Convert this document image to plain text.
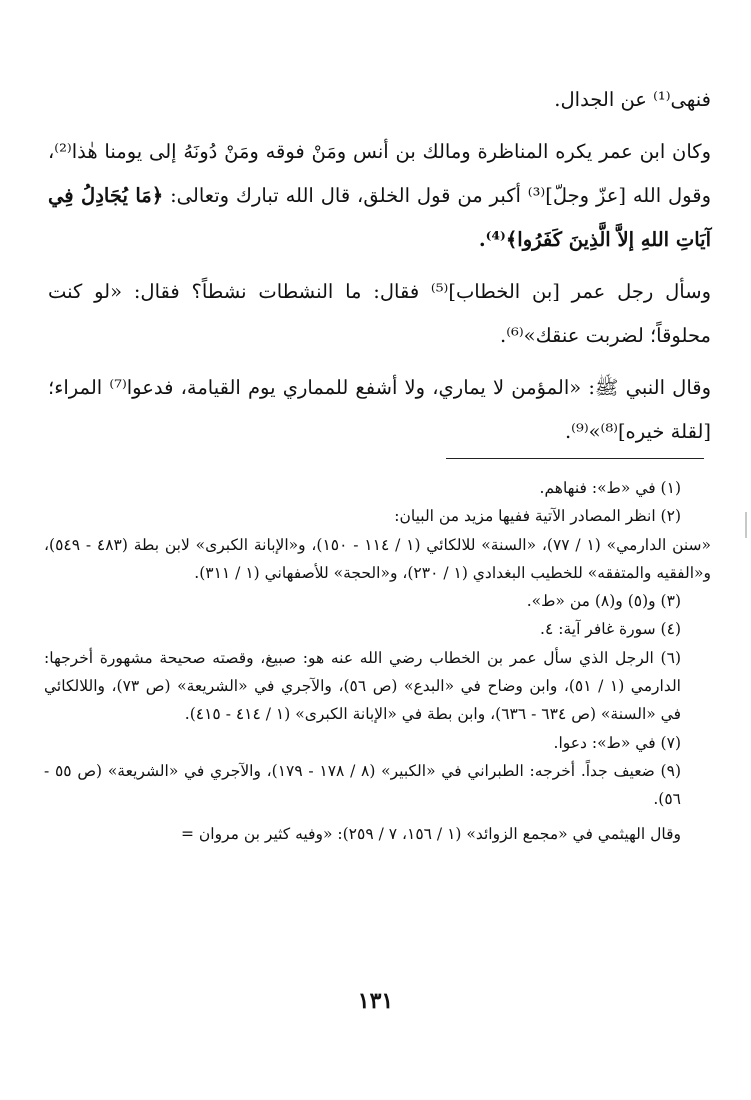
فنهى⁽¹⁾ عن الجدال.

وكان ابن عمر يكره المناظرة ومالك بن أنس ومَنْ فوقه ومَنْ دُونَهُ إلى يومنا هٰذا⁽²⁾، وقول الله [عزّ وجلّ]⁽³⁾ أكبر من قول الخلق، قال الله تبارك وتعالى: ﴿مَا يُجَادِلُ فِي آيَاتِ اللهِ إلاَّ الَّذِينَ كَفَرُوا﴾⁽⁴⁾.

وسأل رجل عمر [بن الخطاب]⁽⁵⁾ فقال: ما النشطات نشطاً؟ فقال: «لو كنت محلوقاً؛ لضربت عنقك»⁽⁶⁾.

وقال النبي ﷺ: «المؤمن لا يماري، ولا أشفع للمماري يوم القيامة، فدعوا⁽⁷⁾ المراء؛ [لقلة خيره]⁽⁸⁾»⁽⁹⁾.

(١) في «ط»: فنهاهم.

(٢) انظر المصادر الآتية ففيها مزيد من البيان:

«سنن الدارمي» (١ / ٧٧)، «السنة» للالكائي (١ / ١١٤ - ١٥٠)، و«الإبانة الكبرى» لابن بطة (٤٨٣ - ٥٤٩)، و«الفقيه والمتفقه» للخطيب البغدادي (١ / ٢٣٠)، و«الحجة» للأصفهاني (١ / ٣١١).

(٣) و(٥) و(٨) من «ط».

(٤) سورة غافر آية: ٤.

(٦) الرجل الذي سأل عمر بن الخطاب رضي الله عنه هو: صبيغ، وقصته صحيحة مشهورة أخرجها: الدارمي (١ / ٥١)، وابن وضاح في «البدع» (ص ٥٦)، والآجري في «الشريعة» (ص ٧٣)، واللالكائي في «السنة» (ص ٦٣٤ - ٦٣٦)، وابن بطة في «الإبانة الكبرى» (١ / ٤١٤ - ٤١٥).

(٧) في «ط»: دعوا.

(٩) ضعيف جداً. أخرجه: الطبراني في «الكبير» (٨ / ١٧٨ - ١٧٩)، والآجري في «الشريعة» (ص ٥٥ - ٥٦).

وقال الهيثمي في «مجمع الزوائد» (١ / ١٥٦، ٧ / ٢٥٩): «وفيه كثير بن مروان =

١٣١
